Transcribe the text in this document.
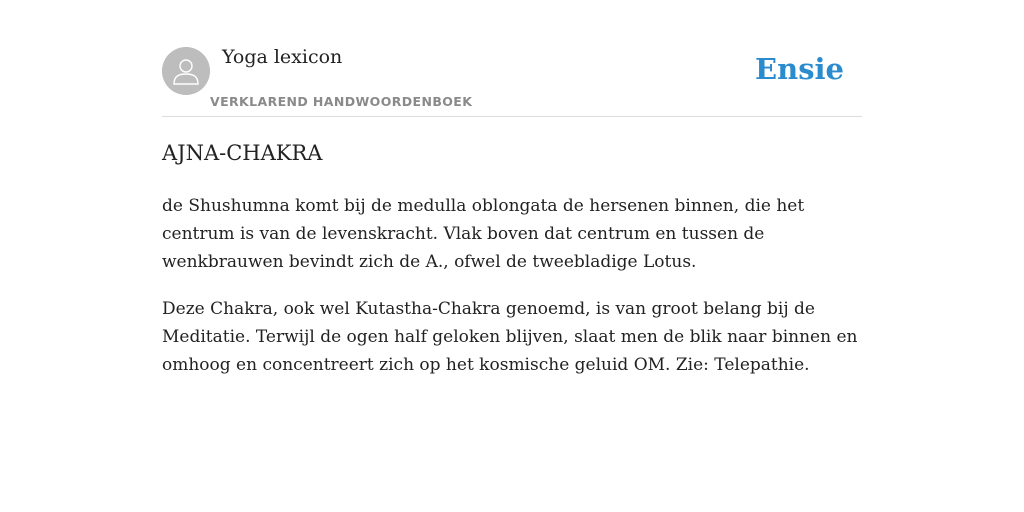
Yoga lexicon
VERKLAREND HANDWOORDENBOEK
Ensie
AJNA-CHAKRA

de Shushumna komt bij de medulla oblongata de hersenen binnen, die het centrum is van de levenskracht. Vlak boven dat centrum en tussen de wenkbrauwen bevindt zich de A., ofwel de tweebladige Lotus.

Deze Chakra, ook wel Kutastha-Chakra genoemd, is van groot belang bij de Meditatie. Terwijl de ogen half geloken blijven, slaat men de blik naar binnen en omhoog en concentreert zich op het kosmische geluid OM. Zie: Telepathie.
